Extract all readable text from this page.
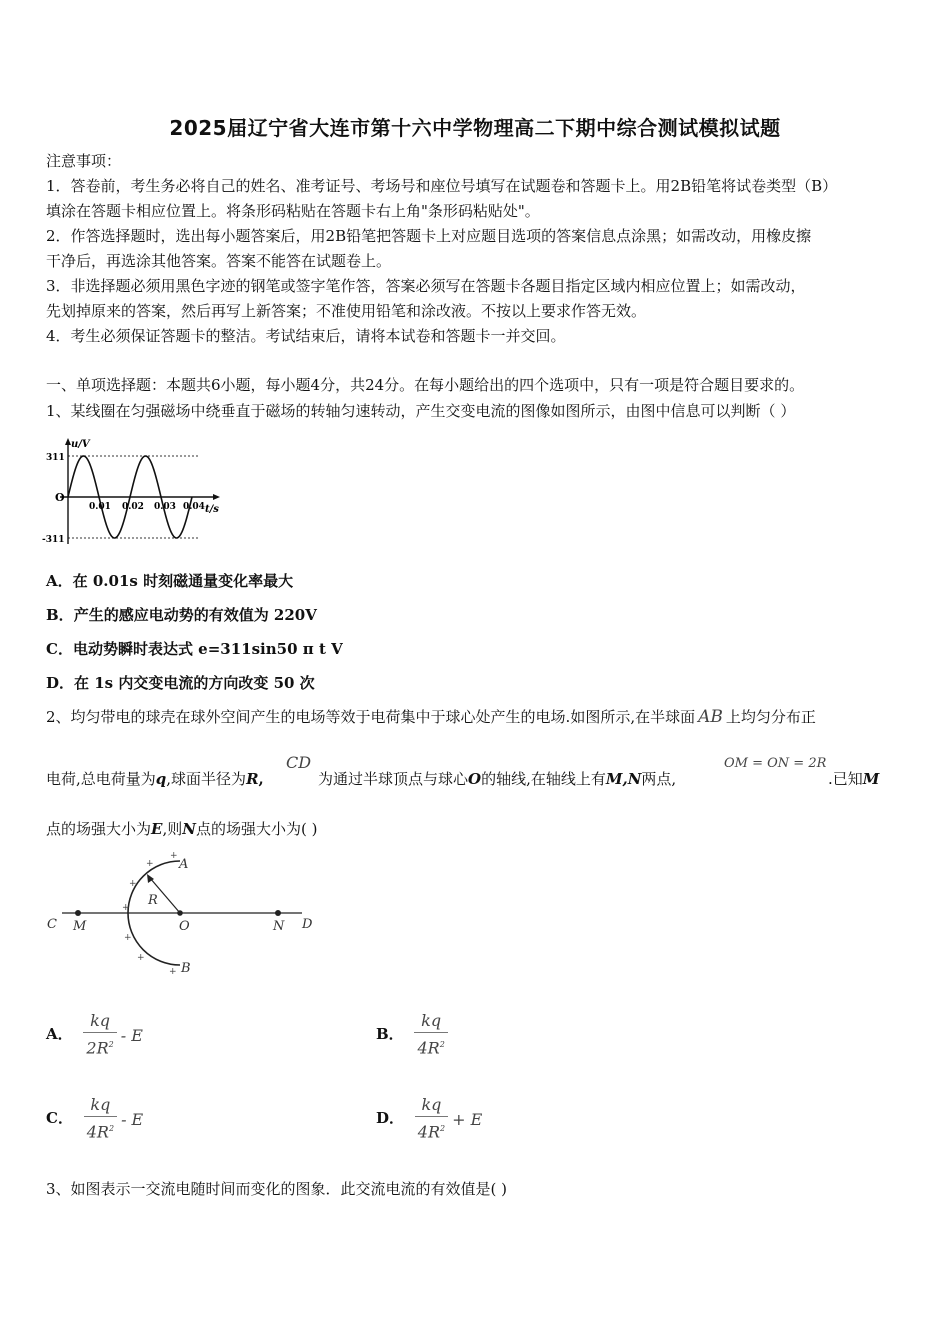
2025届辽宁省大连市第十六中学物理高二下期中综合测试模拟试题
注意事项：
1．答卷前，考生务必将自己的姓名、准考证号、考场号和座位号填写在试题卷和答题卡上。用2B铅笔将试卷类型（B）
填涂在答题卡相应位置上。将条形码粘贴在答题卡右上角"条形码粘贴处"。
2．作答选择题时，选出每小题答案后，用2B铅笔把答题卡上对应题目选项的答案信息点涂黑；如需改动，用橡皮擦
干净后，再选涂其他答案。答案不能答在试题卷上。
3．非选择题必须用黑色字迹的钢笔或签字笔作答，答案必须写在答题卡各题目指定区域内相应位置上；如需改动，
先划掉原来的答案，然后再写上新答案；不准使用铅笔和涂改液。不按以上要求作答无效。
4．考生必须保证答题卡的整洁。考试结束后，请将本试卷和答题卡一并交回。
一、单项选择题：本题共6小题，每小题4分，共24分。在每小题给出的四个选项中，只有一项是符合题目要求的。
1、某线圈在匀强磁场中绕垂直于磁场的转轴匀速转动，产生交变电流的图像如图所示，由图中信息可以判断（ ）
u/V
t/s
O
311
-311
0.01 0.02 0.03 0.04
A．在 0.01s 时刻磁通量变化率最大
B．产生的感应电动势的有效值为 220V
C．电动势瞬时表达式 e=311sin50 π t V
D．在 1s 内交变电流的方向改变 50 次
2、均匀带电的球壳在球外空间产生的电场等效于电荷集中于球心处产生的电场.如图所示,在半球面 AB 上均匀分布正
电荷,总电荷量为q,球面半径为R,
CD
为通过半球顶点与球心O的轴线,在轴线上有M,N两点,
OM = ON = 2R
.已知M
点的场强大小为E,则N点的场强大小为( )
+
+
+
+
+
+
+
A
B
C	D
M	N
O
R
A． $\frac{kq}{2R^2}$ - E	B． $\frac{kq}{4R^2}$
C． $\frac{kq}{4R^2}$ - E	D． $\frac{kq}{4R^2} + E$
3、如图表示一交流电随时间而变化的图象．此交流电流的有效值是( )
